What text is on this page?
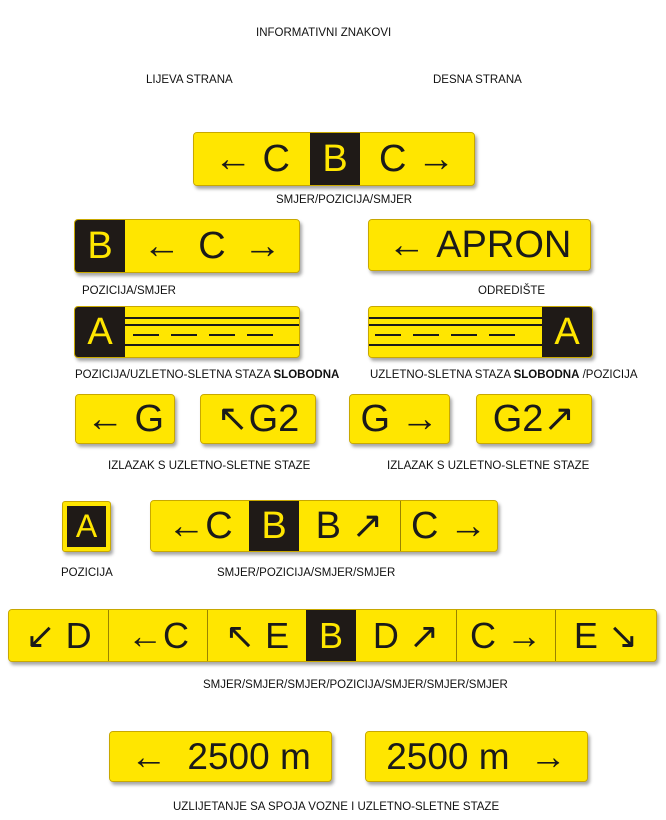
INFORMATIVNI ZNAKOVI
LIJEVA STRANA	DESNA STRANA
←
C B C
→
SMJER/POZICIJA/SMJER
B ← C →
POZICIJA/SMJER
←
APRON
ODREDIŠTE
A
POZICIJA/UZLETNO-SLETNA STAZA SLOBODNA
A
UZLETNO-SLETNA STAZA SLOBODNA /POZICIJA
←
G ↖ G2 G
→ G2 ↗
IZLAZAK S UZLETNO-SLETNE STAZE	IZLAZAK S UZLETNO-SLETNE STAZE
A
POZICIJA
← C B B
↗ C
→
SMJER/POZICIJA/SMJER/SMJER
↙
D ← C ↖
E B D
↗ C
→ E
↘
SMJER/SMJER/SMJER/POZICIJA/SMJER/SMJER/SMJER
← 2500 m 2500 m →
UZLIJETANJE SA SPOJA VOZNE I UZLETNO-SLETNE STAZE
